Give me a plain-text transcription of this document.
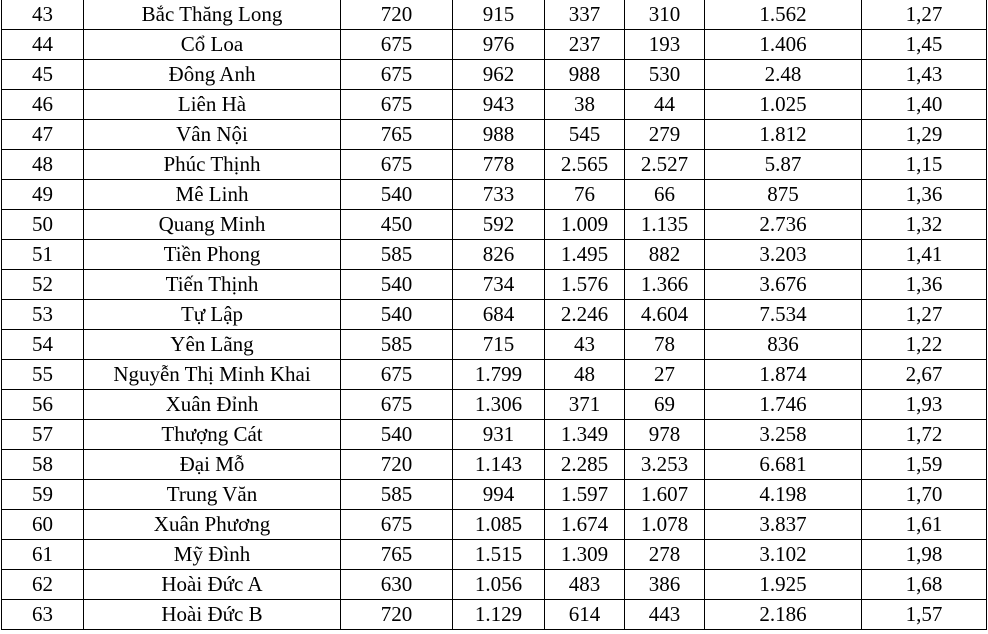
43	Bắc Thăng Long	720	915	337	310	1.562	1,27
44	Cổ Loa	675	976	237	193	1.406	1,45
45	Đông Anh	675	962	988	530	2.48	1,43
46	Liên Hà	675	943	38	44	1.025	1,40
47	Vân Nội	765	988	545	279	1.812	1,29
48	Phúc Thịnh	675	778	2.565	2.527	5.87	1,15
49	Mê Linh	540	733	76	66	875	1,36
50	Quang Minh	450	592	1.009	1.135	2.736	1,32
51	Tiền Phong	585	826	1.495	882	3.203	1,41
52	Tiến Thịnh	540	734	1.576	1.366	3.676	1,36
53	Tự Lập	540	684	2.246	4.604	7.534	1,27
54	Yên Lãng	585	715	43	78	836	1,22
55	Nguyễn Thị Minh Khai	675	1.799	48	27	1.874	2,67
56	Xuân Đỉnh	675	1.306	371	69	1.746	1,93
57	Thượng Cát	540	931	1.349	978	3.258	1,72
58	Đại Mỗ	720	1.143	2.285	3.253	6.681	1,59
59	Trung Văn	585	994	1.597	1.607	4.198	1,70
60	Xuân Phương	675	1.085	1.674	1.078	3.837	1,61
61	Mỹ Đình	765	1.515	1.309	278	3.102	1,98
62	Hoài Đức A	630	1.056	483	386	1.925	1,68
63	Hoài Đức B	720	1.129	614	443	2.186	1,57
